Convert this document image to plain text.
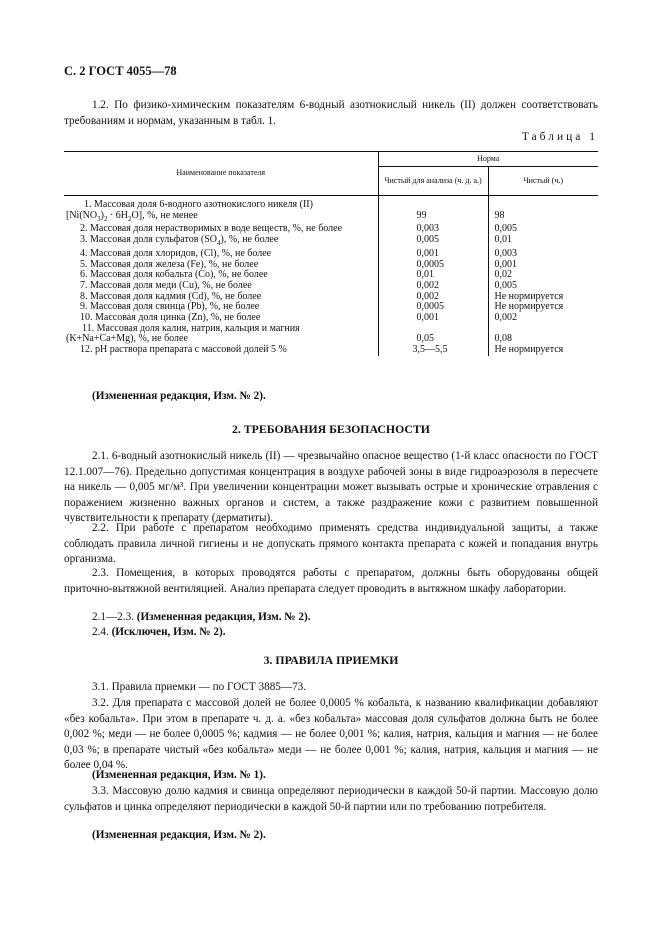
С. 2 ГОСТ 4055—78
1.2. По физико-химическим показателям 6-водный азотнокислый никель (II) должен соответствовать требованиям и нормам, указанным в табл. 1.
Таблица 1
Наименование показателя	Норма	
	Чистый для анализа (ч. д. а.)	Чистый (ч.)
1. Массовая доля 6-водного азотнокислого никеля (II)		
$[Ni(NO_3)_2 \cdot 6H_2O]$, %, не менее	99	98
2. Массовая доля нерастворимых в воде веществ, %, не более	0,003	0,005
3. Массовая доля сульфатов $(SO_4)$, %, не более	0,005	0,01
4. Массовая доля хлоридов, (Cl), %, не более	0,001	0,003
5. Массовая доля железа (Fe), %, не более	0,0005	0,001
6. Массовая доля кобальта (Co), %, не более	0,01	0,02
7. Массовая доля меди (Cu), %, не более	0,002	0,005
8. Массовая доля кадмия (Cd), %, не более	0,002	Не нормируется
9. Массовая доля свинца (Pb), %, не более	0,0005	Не нормируется
10. Массовая доля цинка (Zn), %, не более	0,001	0,002
11. Массовая доля калия, натрия, кальция и магния		
(K+Na+Ca+Mg), %, не более	0,05	0,08
12. pH раствора препарата с массовой долей 5 %	3,5—5,5	Не нормируется
(Измененная редакция, Изм. № 2).
2. ТРЕБОВАНИЯ БЕЗОПАСНОСТИ
2.1. 6-водный азотнокислый никель (II) — чрезвычайно опасное вещество (1-й класс опасности по ГОСТ 12.1.007—76). Предельно допустимая концентрация в воздухе рабочей зоны в виде гидроаэрозоля в пересчете на никель — 0,005 мг/м³. При увеличении концентрации может вызывать острые и хронические отравления с поражением жизненно важных органов и систем, а также раздражение кожи с развитием повышенной чувствительности к препарату (дерматиты).
2.2. При работе с препаратом необходимо применять средства индивидуальной защиты, а также соблюдать правила личной гигиены и не допускать прямого контакта препарата с кожей и попадания внутрь организма.
2.3. Помещения, в которых проводятся работы с препаратом, должны быть оборудованы общей приточно-вытяжной вентиляцией. Анализ препарата следует проводить в вытяжном шкафу лаборатории.
2.1—2.3. (Измененная редакция, Изм. № 2).
2.4. (Исключен, Изм. № 2).
3. ПРАВИЛА ПРИЕМКИ
3.1. Правила приемки — по ГОСТ 3885—73.
3.2. Для препарата с массовой долей не более 0,0005 % кобальта, к названию квалификации добавляют «без кобальта». При этом в препарате ч. д. а. «без кобальта» массовая доля сульфатов должна быть не более 0,002 %; меди — не более 0,0005 %; кадмия — не более 0,001 %; калия, натрия, кальция и магния — не более 0,03 %; в препарате чистый «без кобальта» меди — не более 0,001 %; калия, натрия, кальция и магния — не более 0,04 %.
(Измененная редакция, Изм. № 1).
3.3. Массовую долю кадмия и свинца определяют периодически в каждой 50-й партии. Массовую долю сульфатов и цинка определяют периодически в каждой 50-й партии или по требованию потребителя.
(Измененная редакция, Изм. № 2).
